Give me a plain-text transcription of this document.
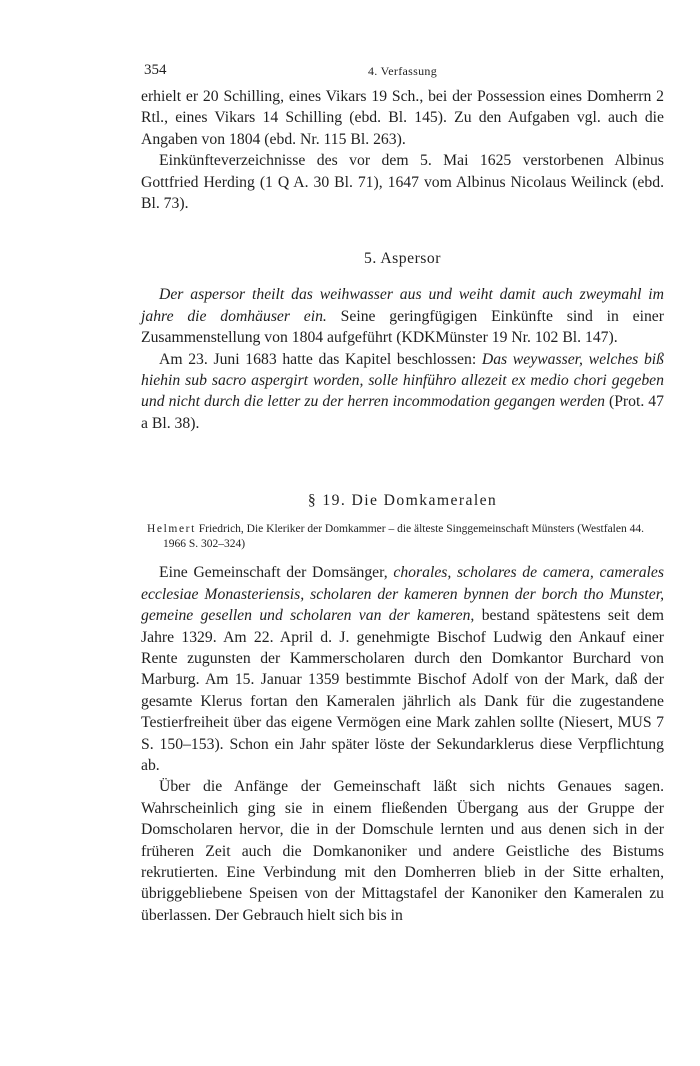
354	4. Verfassung

erhielt er 20 Schilling, eines Vikars 19 Sch., bei der Possession eines Domherrn 2 Rtl., eines Vikars 14 Schilling (ebd. Bl. 145). Zu den Aufgaben vgl. auch die Angaben von 1804 (ebd. Nr. 115 Bl. 263).

Einkünfteverzeichnisse des vor dem 5. Mai 1625 verstorbenen Albinus Gottfried Herding (1 Q A. 30 Bl. 71), 1647 vom Albinus Nicolaus Weilinck (ebd. Bl. 73).

5. Aspersor

Der aspersor theilt das weihwasser aus und weiht damit auch zweymahl im jahre die domhäuser ein. Seine geringfügigen Einkünfte sind in einer Zusammenstellung von 1804 aufgeführt (KDKMünster 19 Nr. 102 Bl. 147).

Am 23. Juni 1683 hatte das Kapitel beschlossen: Das weywasser, welches biß hiehin sub sacro aspergirt worden, solle hinführo allezeit ex medio chori gegeben und nicht durch die letter zu der herren incommodation gegangen werden (Prot. 47 a Bl. 38).

§ 19. Die Domkameralen

Helmert Friedrich, Die Kleriker der Domkammer – die älteste Singgemeinschaft Münsters (Westfalen 44. 1966 S. 302–324)

Eine Gemeinschaft der Domsänger, chorales, scholares de camera, camerales ecclesiae Monasteriensis, scholaren der kameren bynnen der borch tho Munster, gemeine gesellen und scholaren van der kameren, bestand spätestens seit dem Jahre 1329. Am 22. April d. J. genehmigte Bischof Ludwig den Ankauf einer Rente zugunsten der Kammerscholaren durch den Domkantor Burchard von Marburg. Am 15. Januar 1359 bestimmte Bischof Adolf von der Mark, daß der gesamte Klerus fortan den Kameralen jährlich als Dank für die zugestandene Testierfreiheit über das eigene Vermögen eine Mark zahlen sollte (Niesert, MUS 7 S. 150–153). Schon ein Jahr später löste der Sekundarklerus diese Verpflichtung ab.

Über die Anfänge der Gemeinschaft läßt sich nichts Genaues sagen. Wahrscheinlich ging sie in einem fließenden Übergang aus der Gruppe der Domscholaren hervor, die in der Domschule lernten und aus denen sich in der früheren Zeit auch die Domkanoniker und andere Geistliche des Bistums rekrutierten. Eine Verbindung mit den Domherren blieb in der Sitte erhalten, übriggebliebene Speisen von der Mittagstafel der Kanoniker den Kameralen zu überlassen. Der Gebrauch hielt sich bis in
